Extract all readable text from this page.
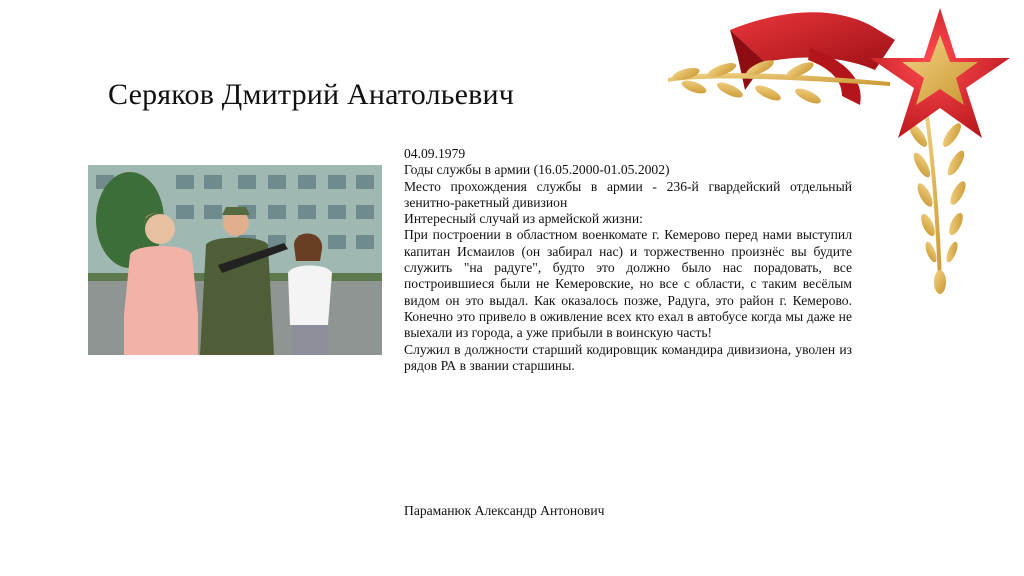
Серяков Дмитрий Анатольевич

04.09.1979

Годы службы в армии (16.05.2000-01.05.2002)

Место прохождения службы в армии - 236-й гвардейский отдельный зенитно-ракетный дивизион

Интересный случай из армейской жизни:

При построении в областном военкомате г. Кемерово перед нами выступил капитан Исмаилов (он забирал нас) и торжественно произнёс вы будите служить "на радуге", будто это должно было нас порадовать, все построившиеся были не Кемеровские, но все с области, с таким весёлым видом он это выдал. Как оказалось позже, Радуга, это район г. Кемерово. Конечно это привело в оживление всех кто ехал в автобусе когда мы даже не выехали из города, а уже прибыли в воинскую часть!

Служил в должности старший кодировщик командира дивизиона, уволен из рядов РА в звании старшины.

Параманюк Александр Антонович
